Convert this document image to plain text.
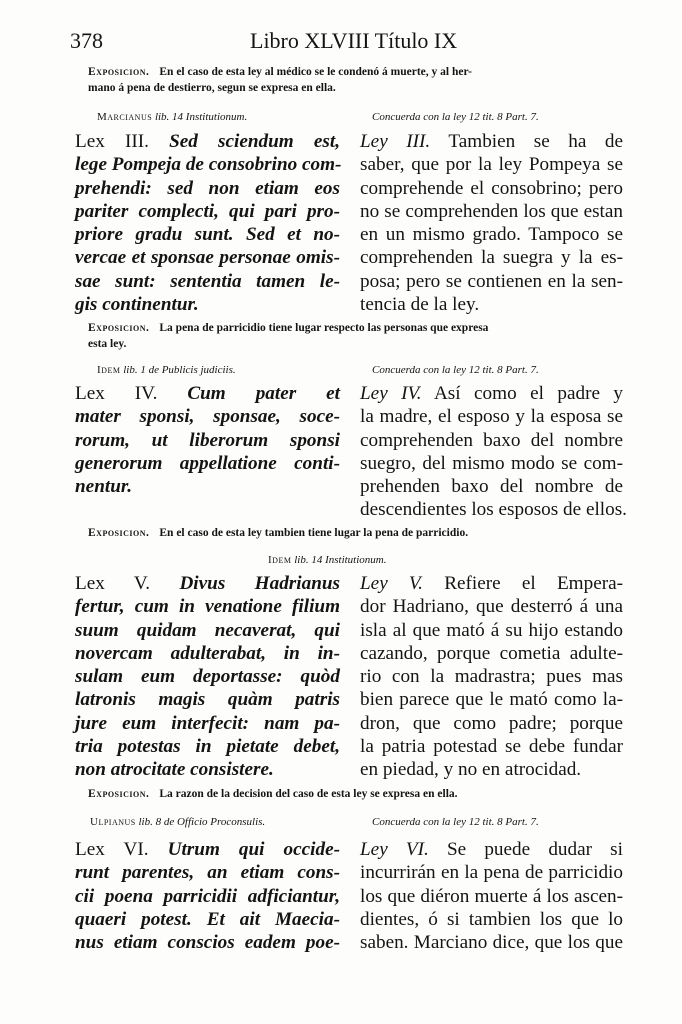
378	Libro XLVIII Título IX
Exposicion. En el caso de esta ley al médico se le condenó á muerte, y al her-
mano á pena de destierro, segun se expresa en ella.
Marcianus lib. 14 Institutionum.	Concuerda con la ley 12 tit. 8 Part. 7.
Lex III. Sed sciendum est,
lege Pompeja de consobrino com-
prehendi: sed non etiam eos
pariter complecti, qui pari pro-
priore gradu sunt. Sed et no-
vercae et sponsae personae omis-
sae sunt: sententia tamen le-
gis continentur.
Ley III. Tambien se ha de
saber, que por la ley Pompeya se
comprehende el consobrino; pero
no se comprehenden los que estan
en un mismo grado. Tampoco se
comprehenden la suegra y la es-
posa; pero se contienen en la sen-
tencia de la ley.
Exposicion. La pena de parricidio tiene lugar respecto las personas que expresa
esta ley.
Idem lib. 1 de Publicis judiciis.	Concuerda con la ley 12 tit. 8 Part. 7.
Lex IV. Cum pater et
mater sponsi, sponsae, soce-
rorum, ut liberorum sponsi
generorum appellatione conti-
nentur.
Ley IV. Así como el padre y
la madre, el esposo y la esposa se
comprehenden baxo del nombre
suegro, del mismo modo se com-
prehenden baxo del nombre de
descendientes los esposos de ellos.
Exposicion. En el caso de esta ley tambien tiene lugar la pena de parricidio.
Idem lib. 14 Institutionum.
Lex V. Divus Hadrianus
fertur, cum in venatione filium
suum quidam necaverat, qui
novercam adulterabat, in in-
sulam eum deportasse: quòd
latronis magis quàm patris
jure eum interfecit: nam pa-
tria potestas in pietate debet,
non atrocitate consistere.
Ley V. Refiere el Empera-
dor Hadriano, que desterró á una
isla al que mató á su hijo estando
cazando, porque cometia adulte-
rio con la madrastra; pues mas
bien parece que le mató como la-
dron, que como padre; porque
la patria potestad se debe fundar
en piedad, y no en atrocidad.
Exposicion. La razon de la decision del caso de esta ley se expresa en ella.
Ulpianus lib. 8 de Officio Proconsulis.	Concuerda con la ley 12 tit. 8 Part. 7.
Lex VI. Utrum qui occide-
runt parentes, an etiam cons-
cii poena parricidii adficiantur,
quaeri potest. Et ait Maecia-
nus etiam conscios eadem poe-
Ley VI. Se puede dudar si
incurrirán en la pena de parricidio
los que diéron muerte á los ascen-
dientes, ó si tambien los que lo
saben. Marciano dice, que los que
